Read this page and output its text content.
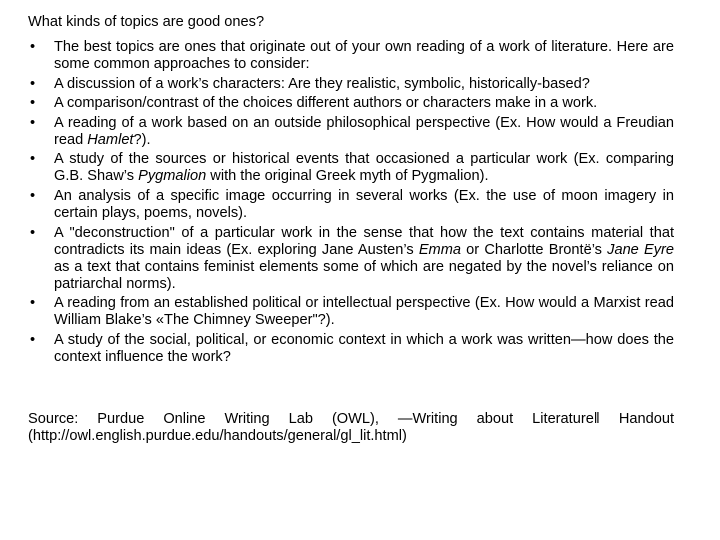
What kinds of topics are good ones?
•	The best topics are ones that originate out of your own reading of a work of literature. Here are some common approaches to consider:
•	A discussion of a work’s characters: Are they realistic, symbolic, historically-based?
•	A comparison/contrast of the choices different authors or characters make in a work.
•	A reading of a work based on an outside philosophical perspective (Ex. How would a Freudian read Hamlet?).
•	A study of the sources or historical events that occasioned a particular work (Ex. comparing G.B. Shaw’s Pygmalion with the original Greek myth of Pygmalion).
•	An analysis of a specific image occurring in several works (Ex. the use of moon imagery in certain plays, poems, novels).
•	A "deconstruction" of a particular work in the sense that how the text contains material that contradicts its main ideas (Ex. exploring Jane Austen’s Emma or Charlotte Brontë’s Jane Eyre as a text that contains feminist elements some of which are negated by the novel’s reliance on patriarchal norms).
•	A reading from an established political or intellectual perspective (Ex. How would a Marxist read William Blake’s «The Chimney Sweeper"?).
•	A study of the social, political, or economic context in which a work was written—how does the context influence the work?
Source: Purdue Online Writing Lab (OWL), ―Writing about Literature‖ Handout
(http://owl.english.purdue.edu/handouts/general/gl_lit.html)
